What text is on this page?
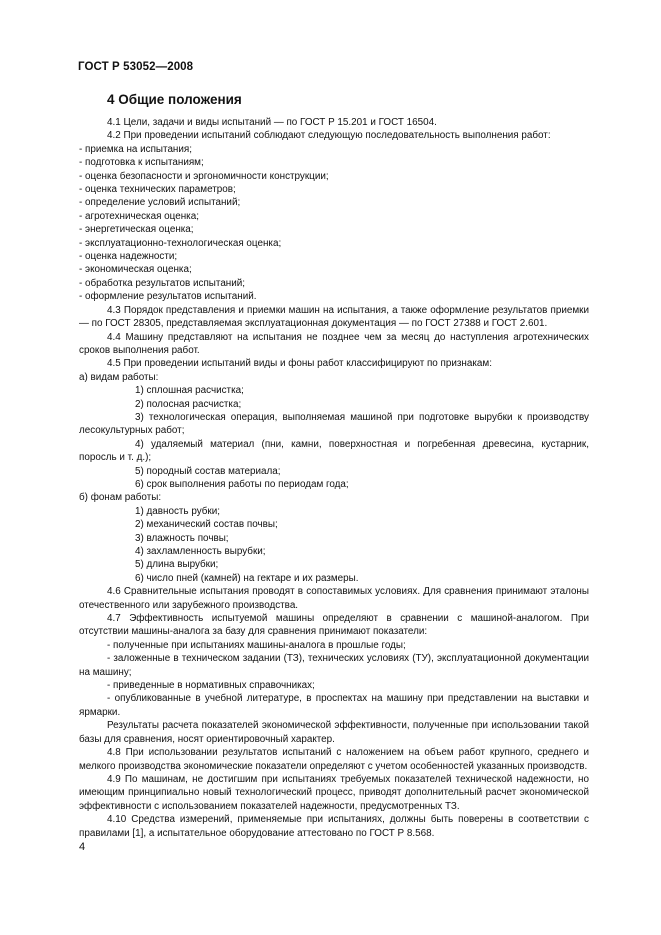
ГОСТ Р 53052—2008
4 Общие положения

4.1 Цели, задачи и виды испытаний — по ГОСТ Р 15.201 и ГОСТ 16504.

4.2 При проведении испытаний соблюдают следующую последовательность выполнения работ:

- приемка на испытания;

- подготовка к испытаниям;

- оценка безопасности и эргономичности конструкции;

- оценка технических параметров;

- определение условий испытаний;

- агротехническая оценка;

- энергетическая оценка;

- эксплуатационно-технологическая оценка;

- оценка надежности;

- экономическая оценка;

- обработка результатов испытаний;

- оформление результатов испытаний.

4.3 Порядок представления и приемки машин на испытания, а также оформление результатов приемки — по ГОСТ 28305, представляемая эксплуатационная документация — по ГОСТ 27388 и ГОСТ 2.601.

4.4 Машину представляют на испытания не позднее чем за месяц до наступления агротехнических сроков выполнения работ.

4.5 При проведении испытаний виды и фоны работ классифицируют по признакам:

а) видам работы:

1) сплошная расчистка;

2) полосная расчистка;

3) технологическая операция, выполняемая машиной при подготовке вырубки к производству лесокультурных работ;

4) удаляемый материал (пни, камни, поверхностная и погребенная древесина, кустарник, поросль и т. д.);

5) породный состав материала;

6) срок выполнения работы по периодам года;

б) фонам работы:

1) давность рубки;

2) механический состав почвы;

3) влажность почвы;

4) захламленность вырубки;

5) длина вырубки;

6) число пней (камней) на гектаре и их размеры.

4.6 Сравнительные испытания проводят в сопоставимых условиях. Для сравнения принимают эталоны отечественного или зарубежного производства.

4.7 Эффективность испытуемой машины определяют в сравнении с машиной-аналогом. При отсутствии машины-аналога за базу для сравнения принимают показатели:

- полученные при испытаниях машины-аналога в прошлые годы;

- заложенные в техническом задании (ТЗ), технических условиях (ТУ), эксплуатационной документации на машину;

- приведенные в нормативных справочниках;

- опубликованные в учебной литературе, в проспектах на машину при представлении на выставки и ярмарки.

Результаты расчета показателей экономической эффективности, полученные при использовании такой базы для сравнения, носят ориентировочный характер.

4.8 При использовании результатов испытаний с наложением на объем работ крупного, среднего и мелкого производства экономические показатели определяют с учетом особенностей указанных производств.

4.9 По машинам, не достигшим при испытаниях требуемых показателей технической надежности, но имеющим принципиально новый технологический процесс, приводят дополнительный расчет экономической эффективности с использованием показателей надежности, предусмотренных ТЗ.

4.10 Средства измерений, применяемые при испытаниях, должны быть поверены в соответствии с правилами [1], а испытательное оборудование аттестовано по ГОСТ Р 8.568.

4
